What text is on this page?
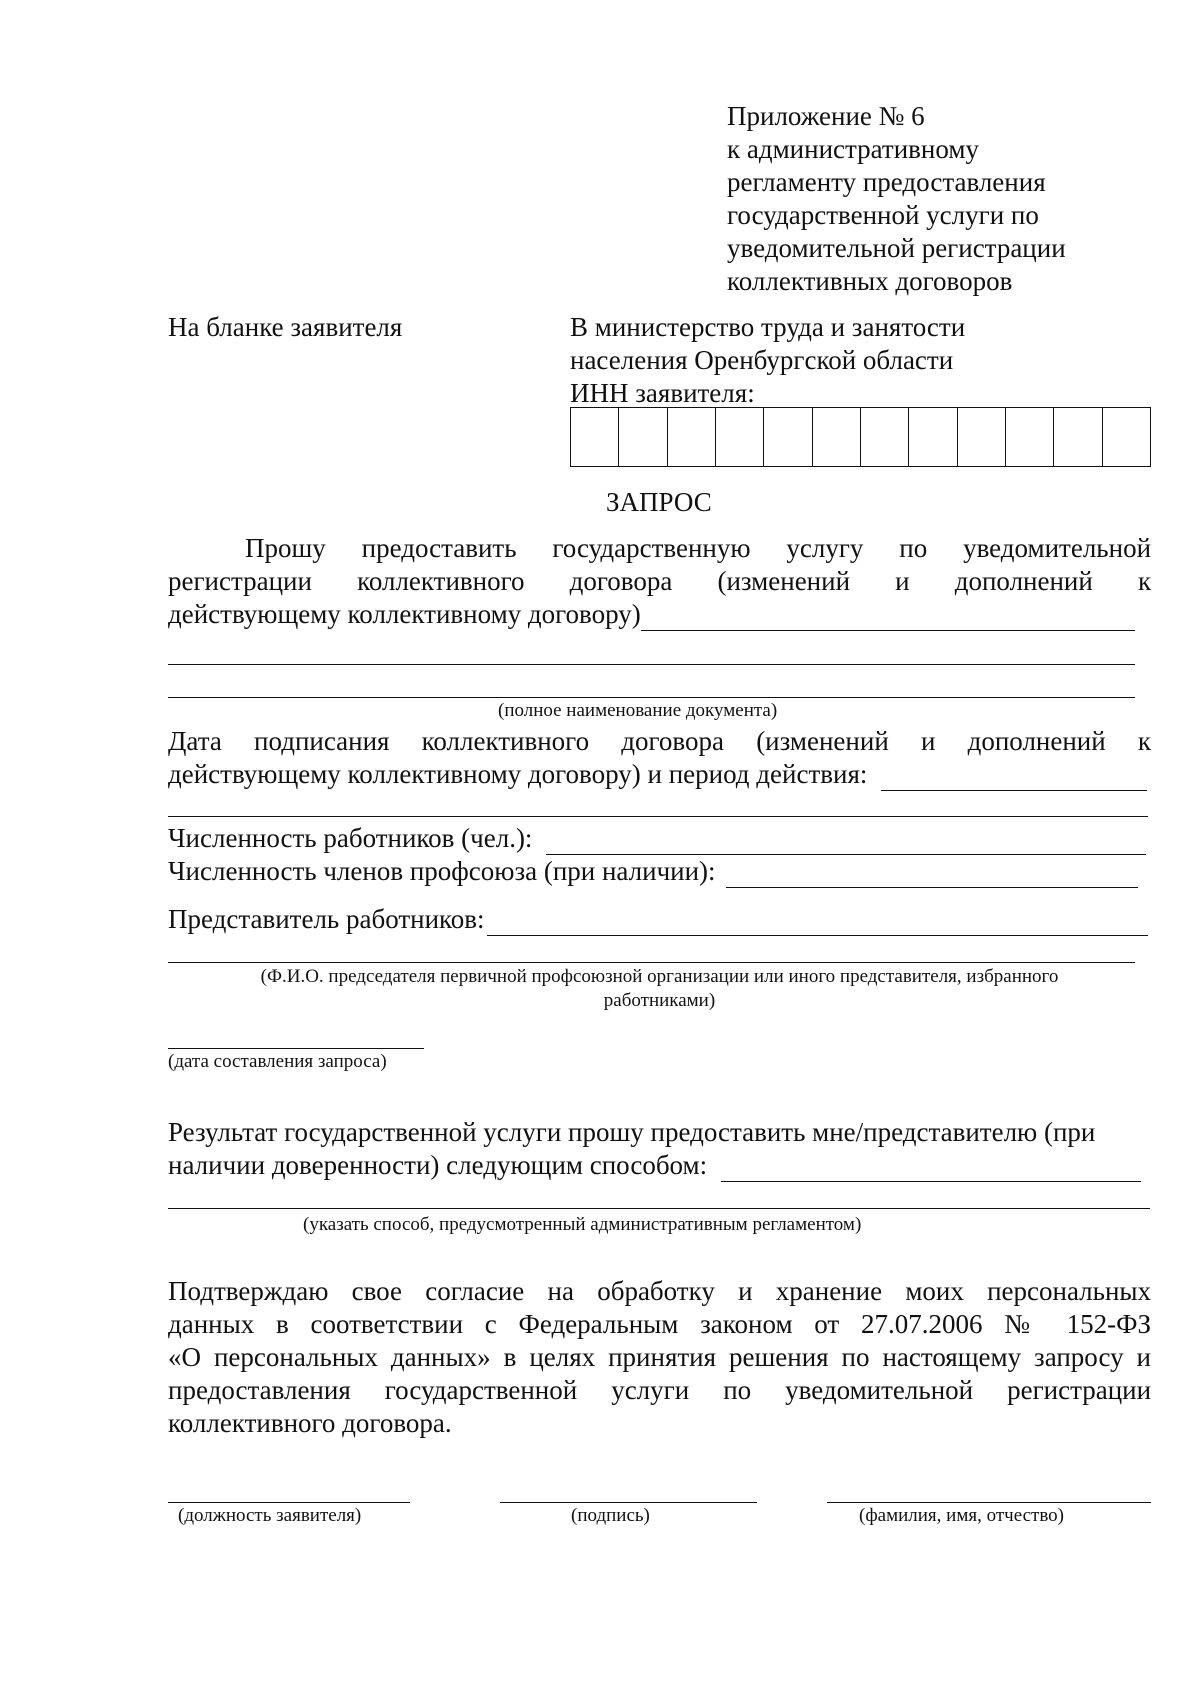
Приложение № 6
к административному
регламенту предоставления
государственной услуги по
уведомительной регистрации
коллективных договоров
На бланке заявителя	В министерство труда и занятости
населения Оренбургской области
ИНН заявителя:
ЗАПРОС
Прошу предоставить государственную услугу по уведомительной
регистрации коллективного договора (изменений и дополнений к
действующему коллективному договору)
(полное наименование документа)
Дата подписания коллективного договора (изменений и дополнений к
действующему коллективному договору) и период действия:
Численность работников (чел.):
Численность членов профсоюза (при наличии):
Представитель работников:
(Ф.И.О. председателя первичной профсоюзной организации или иного представителя, избранного
работниками)
(дата составления запроса)
Результат государственной услуги прошу предоставить мне/представителю (при
наличии доверенности) следующим способом:
(указать способ, предусмотренный административным регламентом)
Подтверждаю свое согласие на обработку и хранение моих персональных
данных в соответствии с Федеральным законом от 27.07.2006 № 152-ФЗ
«О персональных данных» в целях принятия решения по настоящему запросу и
предоставления государственной услуги по уведомительной регистрации
коллективного договора.
(должность заявителя)	(подпись)	(фамилия, имя, отчество)
